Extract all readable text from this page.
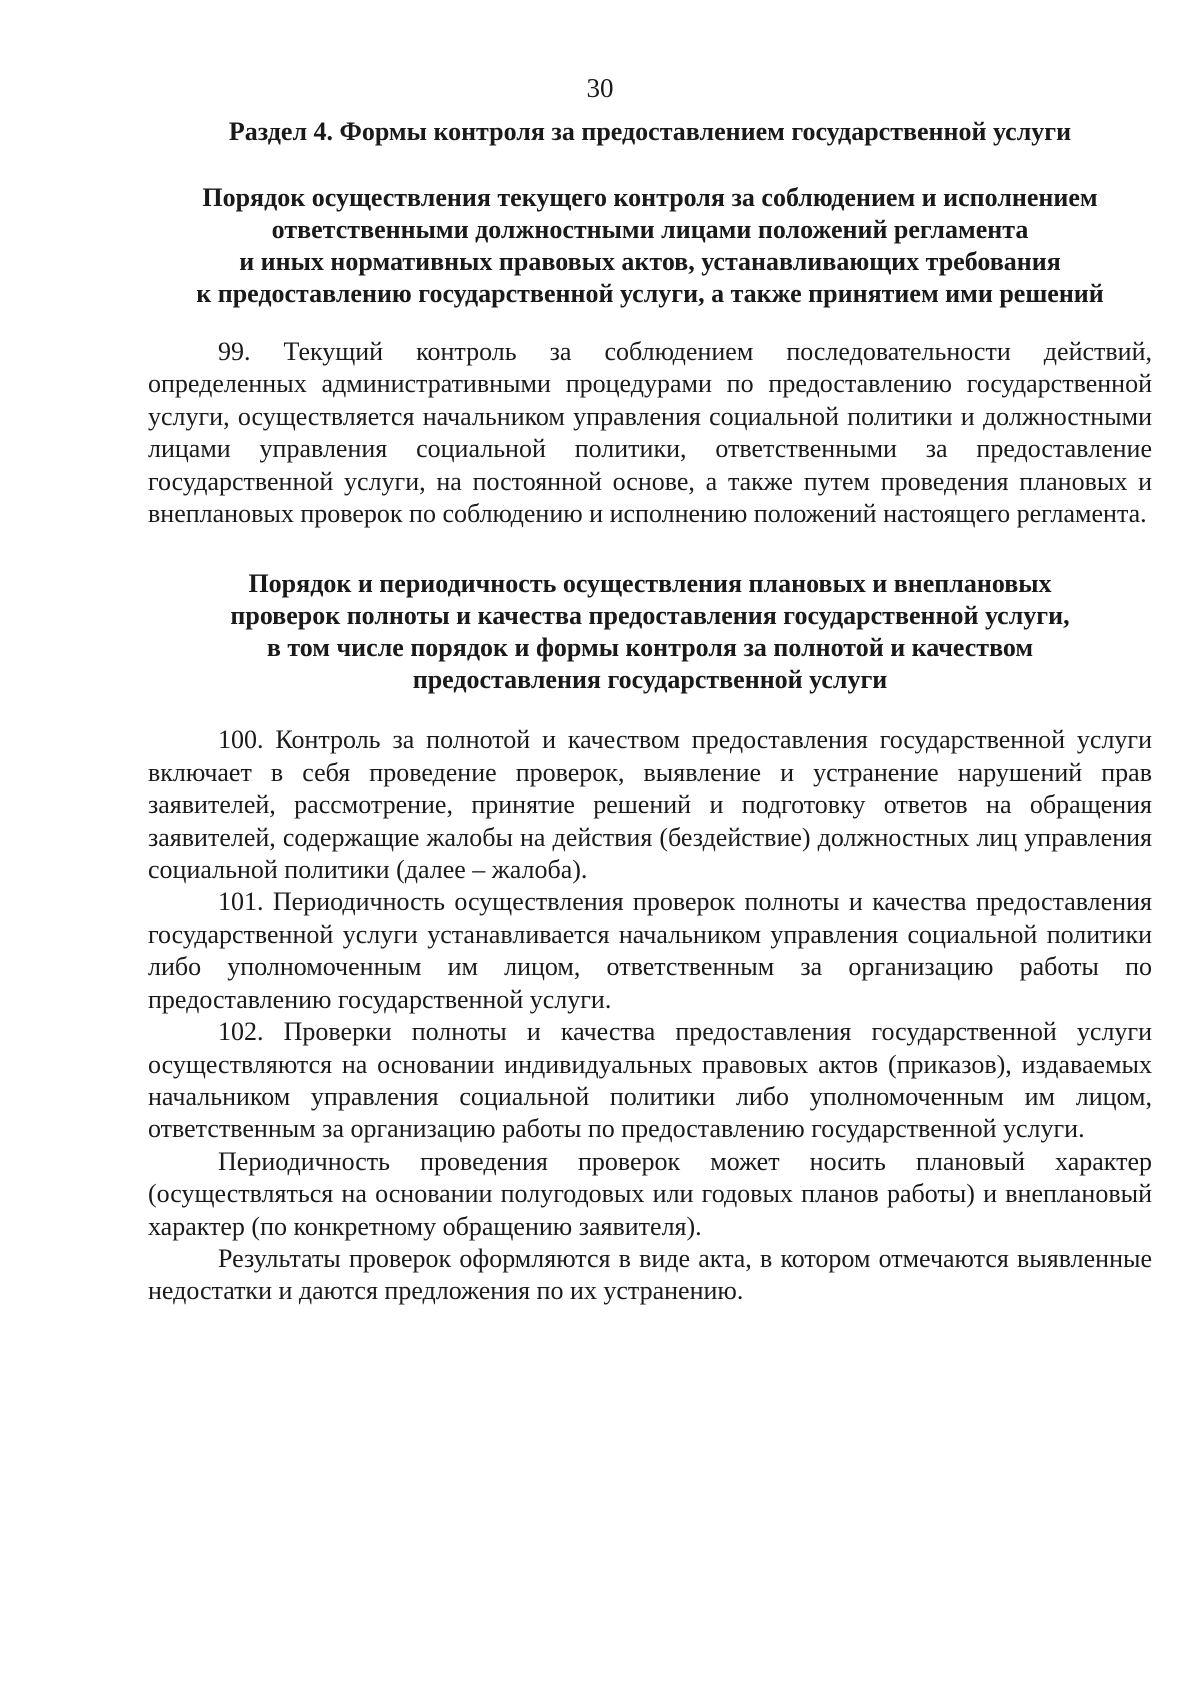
30
Раздел 4. Формы контроля за предоставлением государственной услуги
Порядок осуществления текущего контроля за соблюдением и исполнением
ответственными должностными лицами положений регламента
и иных нормативных правовых актов, устанавливающих требования
к предоставлению государственной услуги, а также принятием ими решений

99. Текущий контроль за соблюдением последовательности действий, определенных административными процедурами по предоставлению государственной услуги, осуществляется начальником управления социальной политики и должностными лицами управления социальной политики, ответственными за предоставление государственной услуги, на постоянной основе, а также путем проведения плановых и внеплановых проверок по соблюдению и исполнению положений настоящего регламента.

Порядок и периодичность осуществления плановых и внеплановых
проверок полноты и качества предоставления государственной услуги,
в том числе порядок и формы контроля за полнотой и качеством
предоставления государственной услуги

100. Контроль за полнотой и качеством предоставления государственной услуги включает в себя проведение проверок, выявление и устранение нарушений прав заявителей, рассмотрение, принятие решений и подготовку ответов на обращения заявителей, содержащие жалобы на действия (бездействие) должностных лиц управления социальной политики (далее – жалоба).

101. Периодичность осуществления проверок полноты и качества предоставления государственной услуги устанавливается начальником управления социальной политики либо уполномоченным им лицом, ответственным за организацию работы по предоставлению государственной услуги.

102. Проверки полноты и качества предоставления государственной услуги осуществляются на основании индивидуальных правовых актов (приказов), издаваемых начальником управления социальной политики либо уполномоченным им лицом, ответственным за организацию работы по предоставлению государственной услуги.

Периодичность проведения проверок может носить плановый характер (осуществляться на основании полугодовых или годовых планов работы) и внеплановый характер (по конкретному обращению заявителя).

Результаты проверок оформляются в виде акта, в котором отмечаются выявленные недостатки и даются предложения по их устранению.
